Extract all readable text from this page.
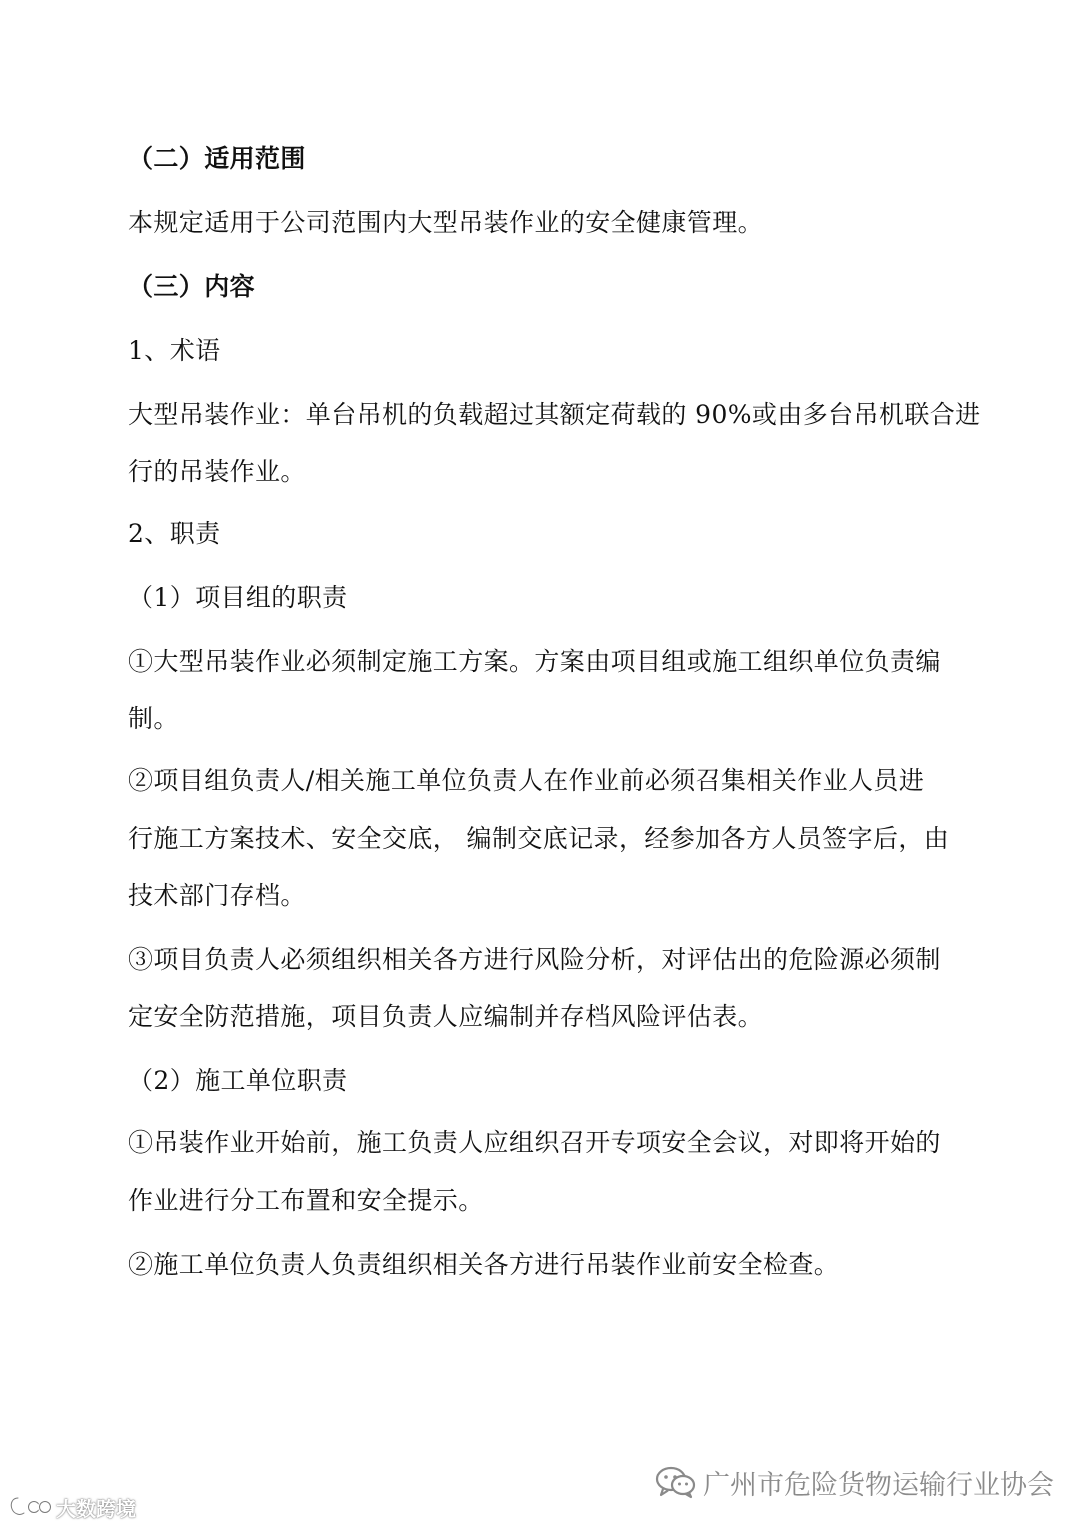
（二）适用范围
本规定适用于公司范围内大型吊装作业的安全健康管理。
（三）内容
1、术语
大型吊装作业：单台吊机的负载超过其额定荷载的 90%或由多台吊机联合进
行的吊装作业。
2、职责
（1）项目组的职责
①大型吊装作业必须制定施工方案。方案由项目组或施工组织单位负责编
制。
②项目组负责人/相关施工单位负责人在作业前必须召集相关作业人员进
行施工方案技术、安全交底， 编制交底记录，经参加各方人员签字后，由
技术部门存档。
③项目负责人必须组织相关各方进行风险分析，对评估出的危险源必须制
定安全防范措施，项目负责人应编制并存档风险评估表。
（2）施工单位职责
①吊装作业开始前，施工负责人应组织召开专项安全会议，对即将开始的
作业进行分工布置和安全提示。
②施工单位负责人负责组织相关各方进行吊装作业前安全检查。
广州市危险货物运输行业协会
大数跨境
